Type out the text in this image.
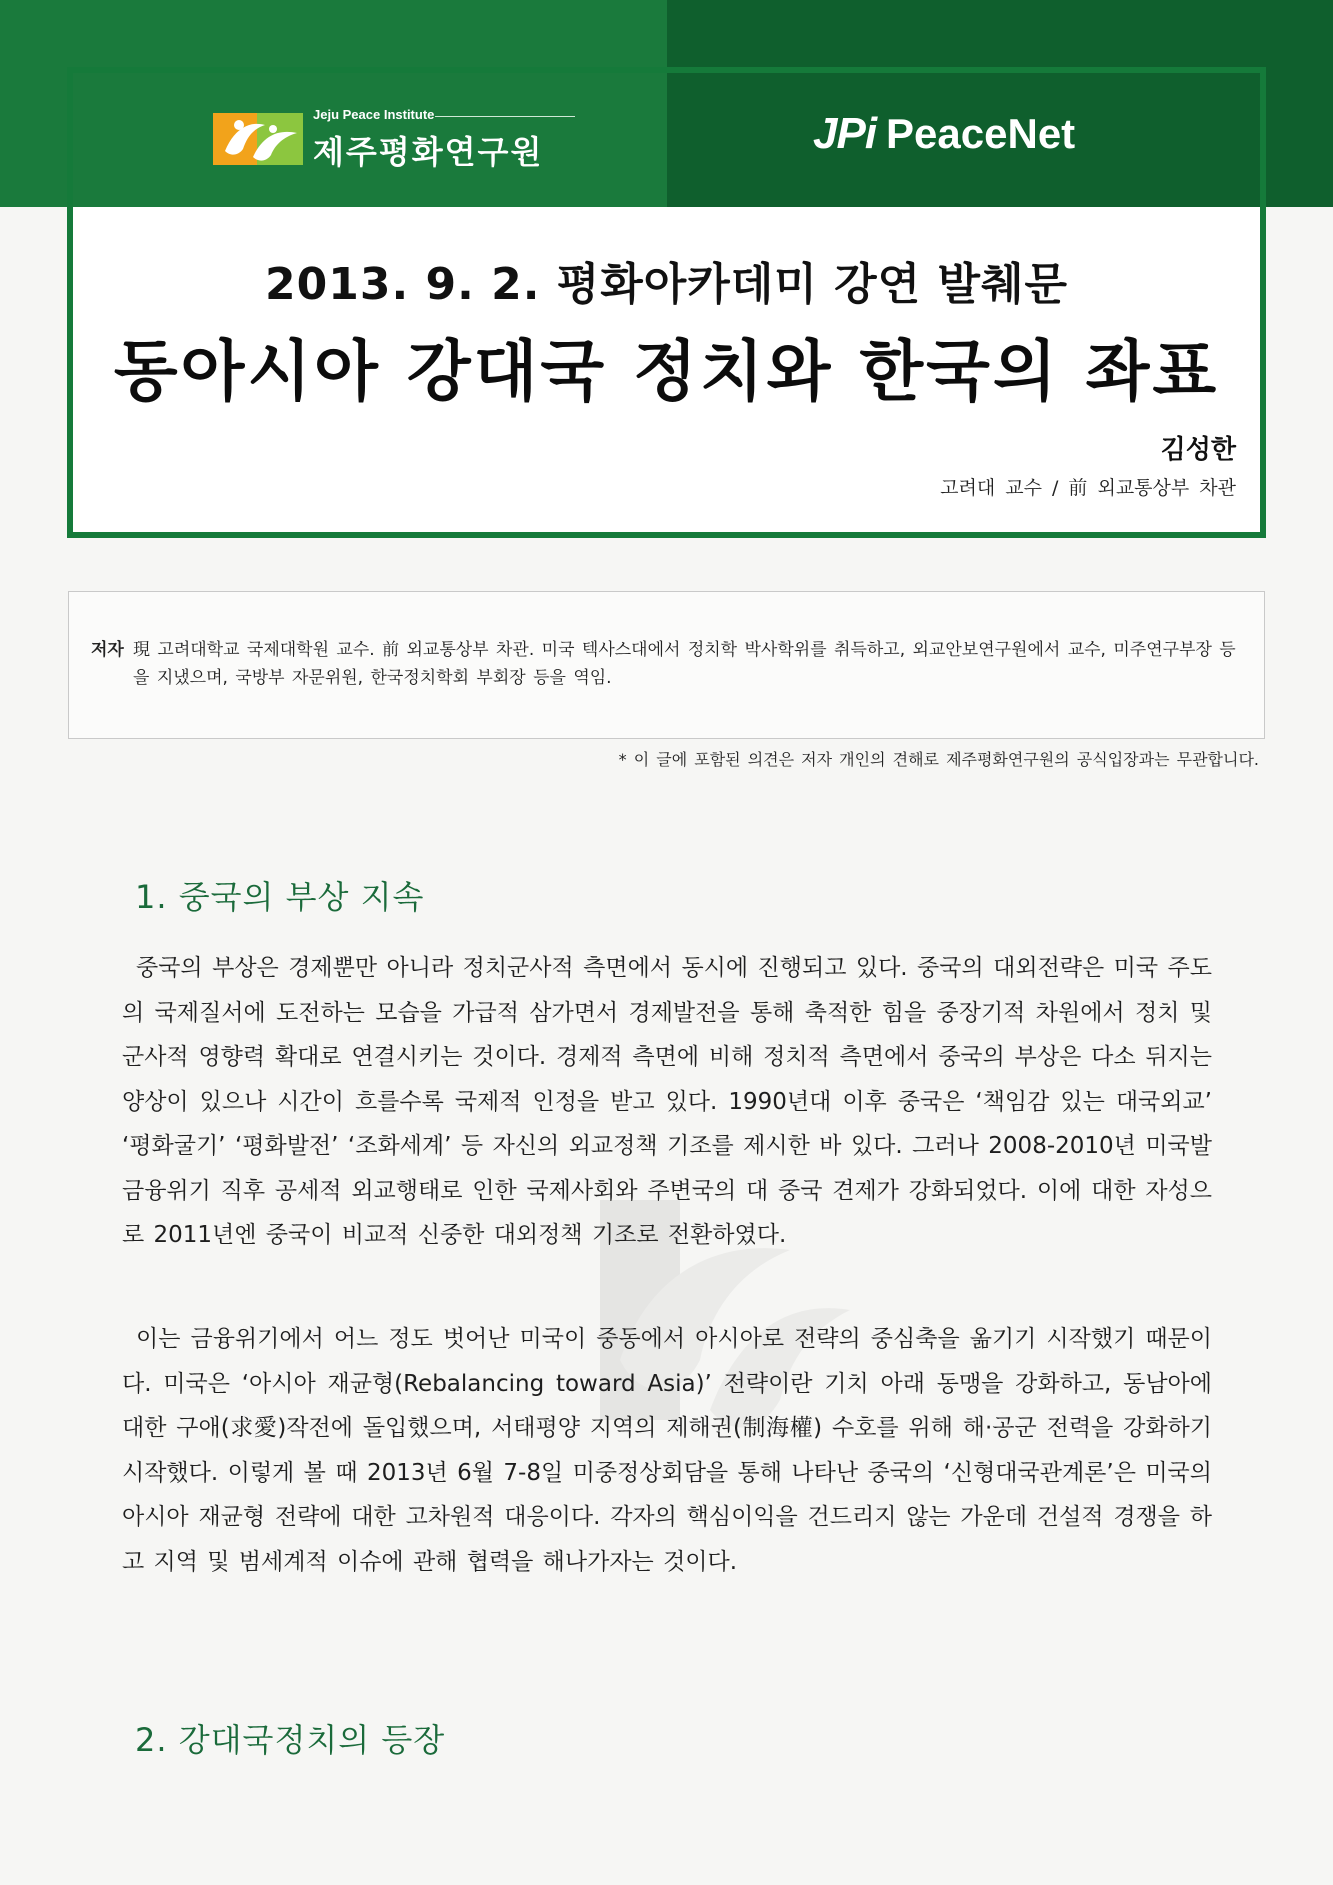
Jeju Peace Institute
제주평화연구원	JPi PeaceNet
2013. 9. 2. 평화아카데미 강연 발췌문
동아시아 강대국 정치와 한국의 좌표
김성한
고려대 교수 / 前 외교통상부 차관
저자 現 고려대학교 국제대학원 교수. 前 외교통상부 차관. 미국 텍사스대에서 정치학 박사학위를 취득하고, 외교안보연구원에서 교수, 미주연구부장 등을 지냈으며, 국방부 자문위원, 한국정치학회 부회장 등을 역임.
* 이 글에 포함된 의견은 저자 개인의 견해로 제주평화연구원의 공식입장과는 무관합니다.
1. 중국의 부상 지속
중국의 부상은 경제뿐만 아니라 정치군사적 측면에서 동시에 진행되고 있다. 중국의 대외전략은 미국 주도의 국제질서에 도전하는 모습을 가급적 삼가면서 경제발전을 통해 축적한 힘을 중장기적 차원에서 정치 및 군사적 영향력 확대로 연결시키는 것이다. 경제적 측면에 비해 정치적 측면에서 중국의 부상은 다소 뒤지는 양상이 있으나 시간이 흐를수록 국제적 인정을 받고 있다. 1990년대 이후 중국은 ‘책임감 있는 대국외교’ ‘평화굴기’ ‘평화발전’ ‘조화세계’ 등 자신의 외교정책 기조를 제시한 바 있다. 그러나 2008-2010년 미국발 금융위기 직후 공세적 외교행태로 인한 국제사회와 주변국의 대 중국 견제가 강화되었다. 이에 대한 자성으로 2011년엔 중국이 비교적 신중한 대외정책 기조로 전환하였다.
이는 금융위기에서 어느 정도 벗어난 미국이 중동에서 아시아로 전략의 중심축을 옮기기 시작했기 때문이다. 미국은 ‘아시아 재균형(Rebalancing toward Asia)’ 전략이란 기치 아래 동맹을 강화하고, 동남아에 대한 구애(求愛)작전에 돌입했으며, 서태평양 지역의 제해권(制海權) 수호를 위해 해·공군 전력을 강화하기 시작했다. 이렇게 볼 때 2013년 6월 7-8일 미중정상회담을 통해 나타난 중국의 ‘신형대국관계론’은 미국의 아시아 재균형 전략에 대한 고차원적 대응이다. 각자의 핵심이익을 건드리지 않는 가운데 건설적 경쟁을 하고 지역 및 범세계적 이슈에 관해 협력을 해나가자는 것이다.
2. 강대국정치의 등장
